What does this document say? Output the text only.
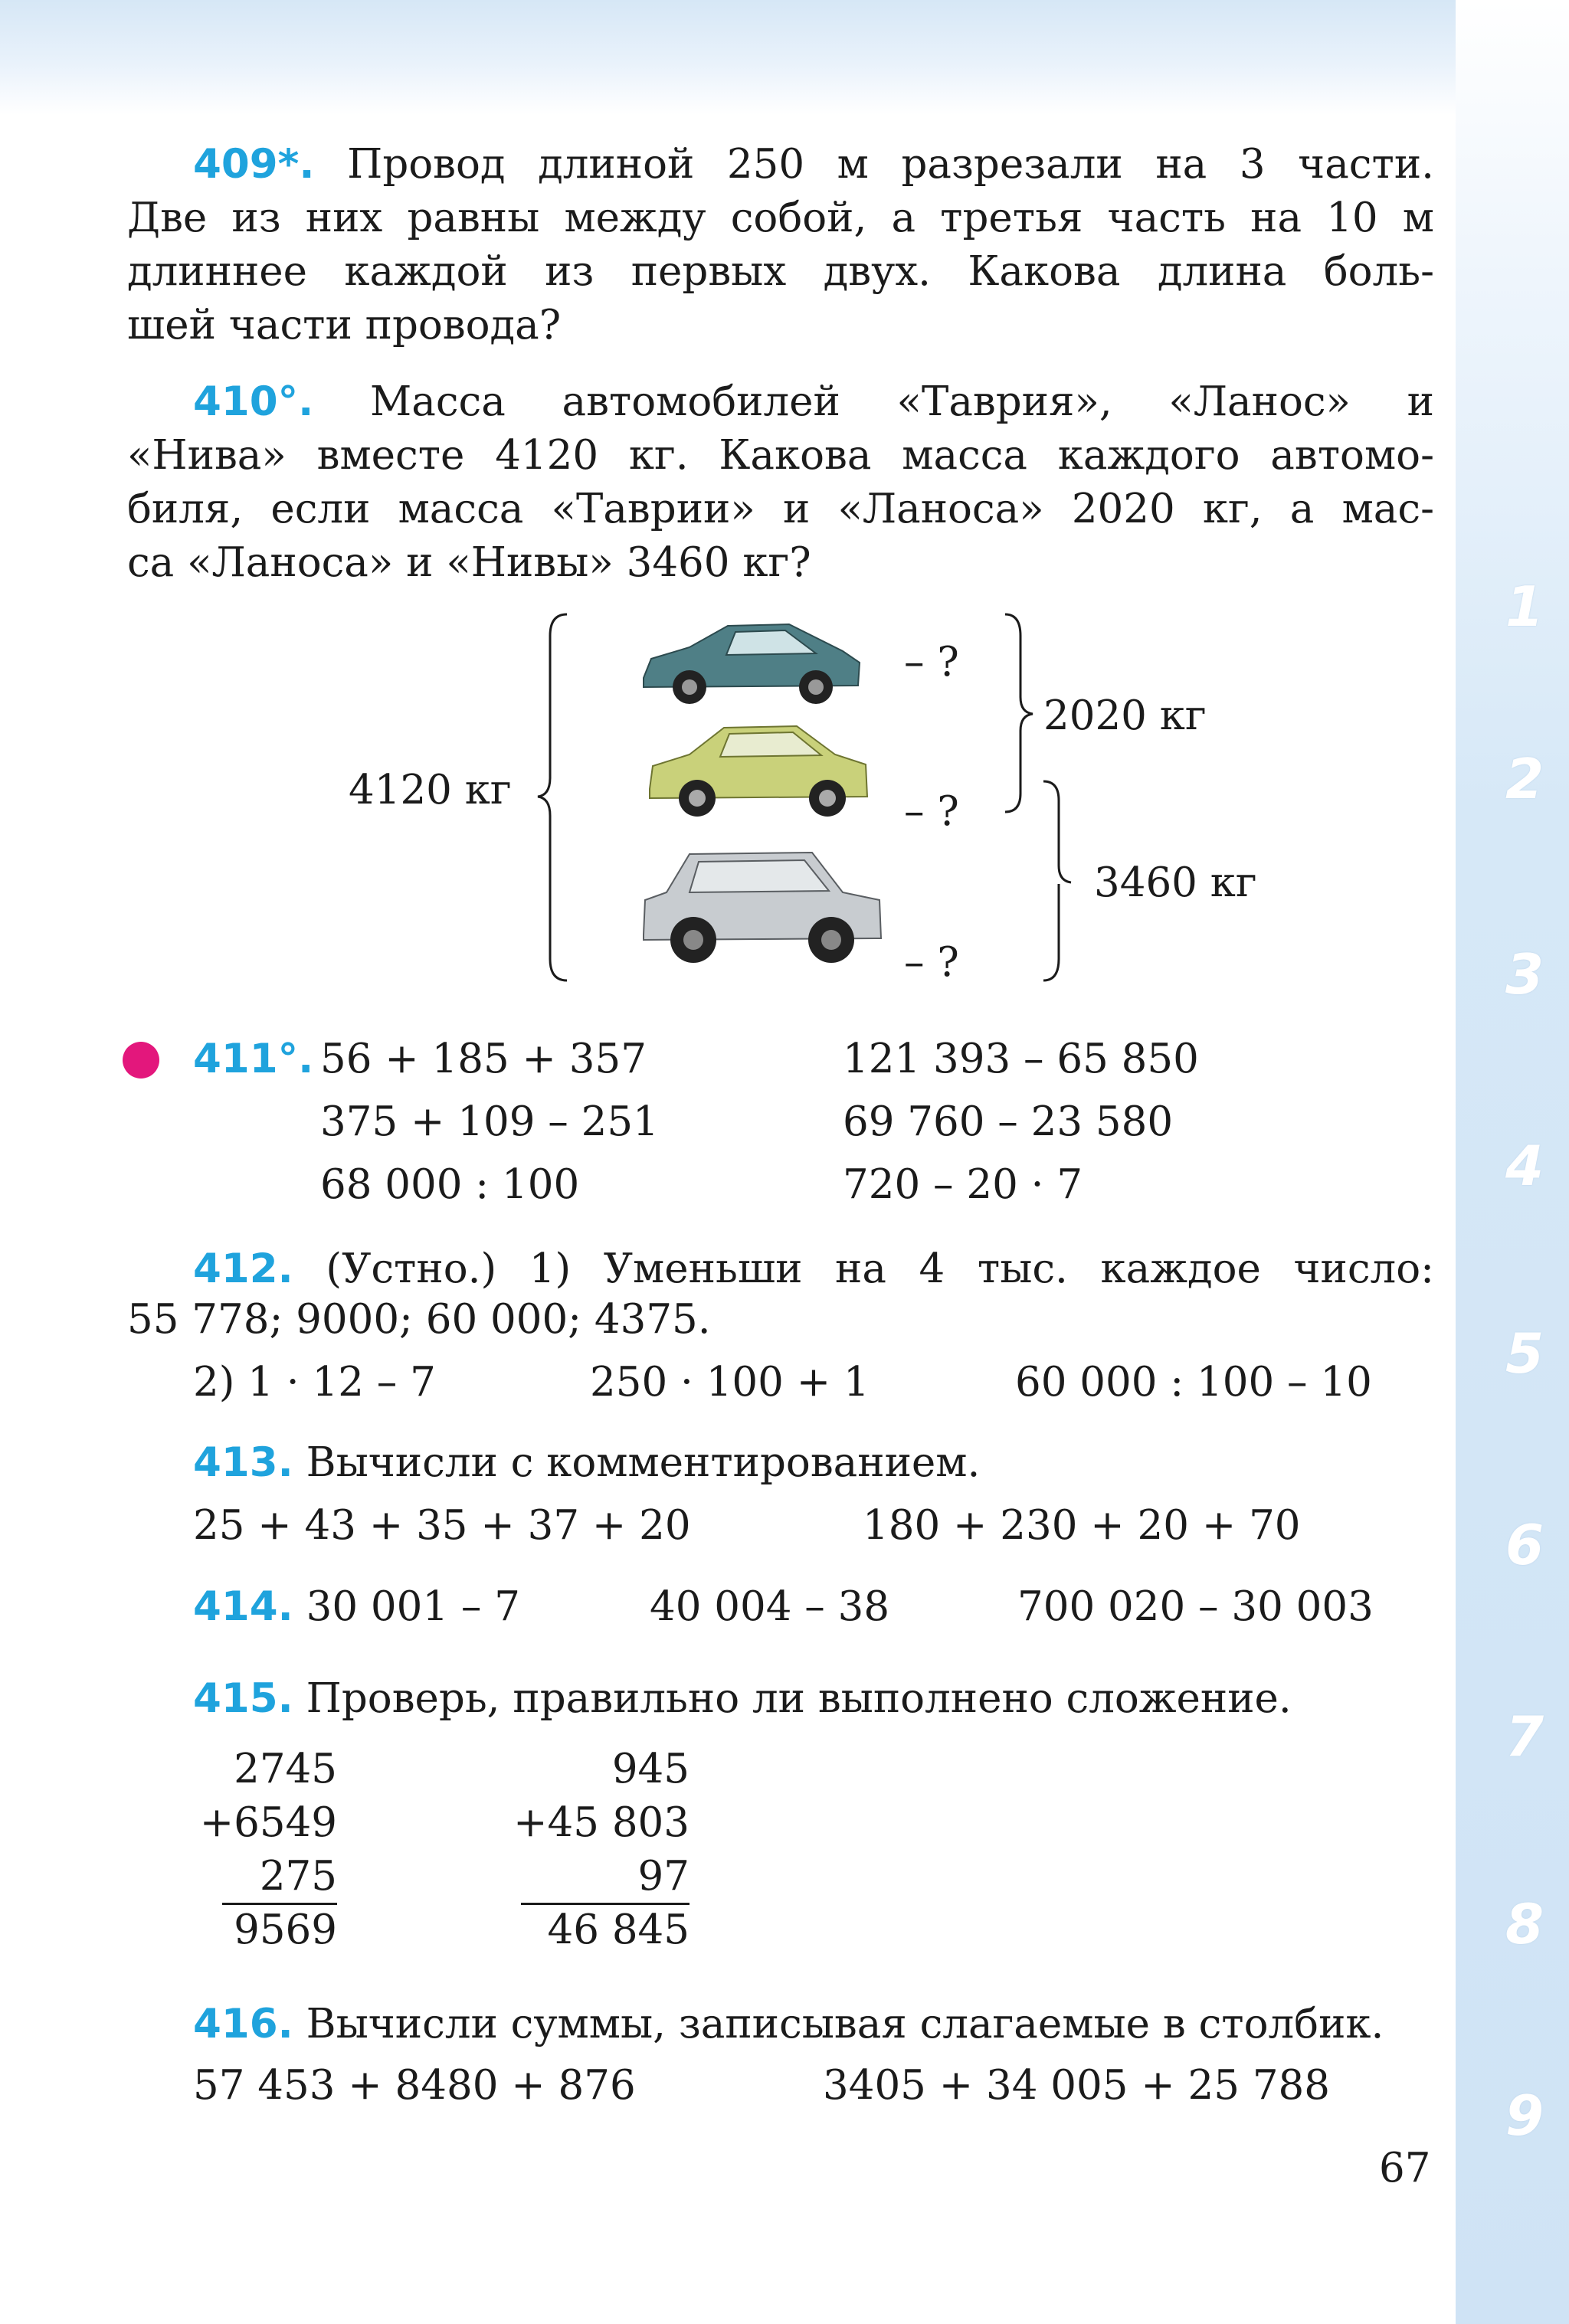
1
2
3
4
5
6
7
8
9
409*. Провод длиной 250 м разрезали на 3 части.
Две из них равны между собой, а третья часть на 10 м
длиннее каждой из первых двух. Какова длина боль-
шей части провода?
410°. Масса автомобилей «Таврия», «Ланос» и
«Нива» вместе 4120 кг. Какова масса каждого автомо-
биля, если масса «Таврии» и «Ланоса» 2020 кг, а мас-
са «Ланоса» и «Нивы» 3460 кг?
4120 кг
– ?
– ?
– ?
2020 кг
3460 кг
411°. 56 + 185 + 357	121 393 – 65 850
375 + 109 – 251	69 760 – 23 580
68 000 : 100	720 – 20 · 7
412. (Устно.) 1) Уменьши на 4 тыс. каждое число:
55 778; 9000; 60 000; 4375.
2) 1 · 12 – 7	250 · 100 + 1	60 000 : 100 – 10
413. Вычисли с комментированием.
25 + 43 + 35 + 37 + 20	180 + 230 + 20 + 70
414. 30 001 – 7	40 004 – 38	700 020 – 30 003
415. Проверь, правильно ли выполнено сложение.
2745
+6549
275
9569
945
+45 803
97
46 845
416. Вычисли суммы, записывая слагаемые в столбик.
57 453 + 8480 + 876	3405 + 34 005 + 25 788
67
